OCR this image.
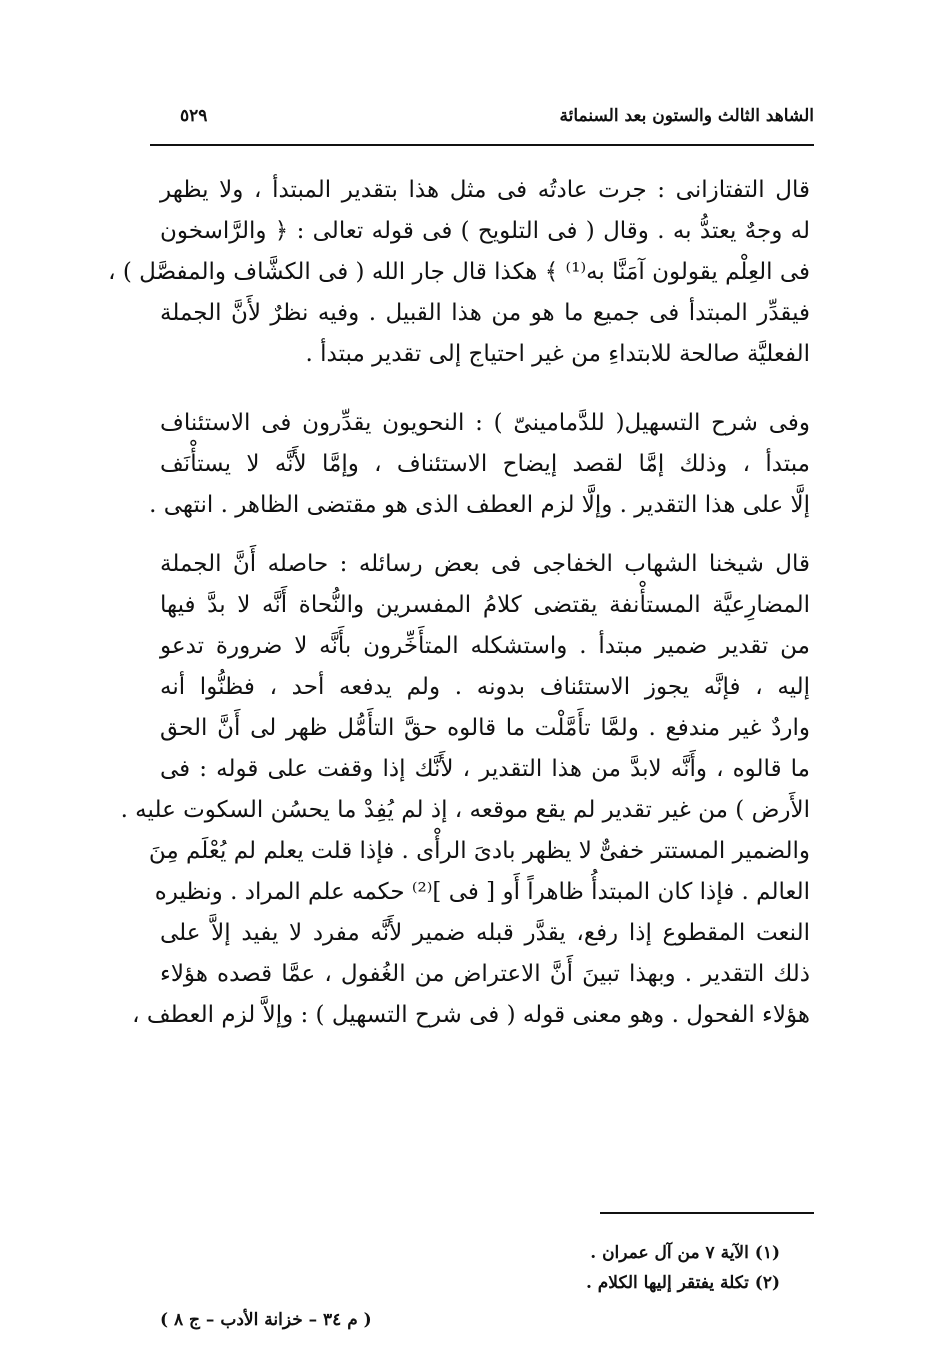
الشاهد الثالث والستون بعد السنمائة
٥٢٩
قال التفتازانى : جرت عادتُه فى مثل هذا بتقدير المبتدأ ، ولا يظهر
له وجهٌ يعتدُّ به . وقال ( فى التلويح ) فى قوله تعالى : ﴿ والرَّاسخون
فى العِلْم يقولون آمَنَّا به⁽¹⁾ ﴾ هكذا قال جار الله ( فى الكشَّاف والمفصَّل ) ،
فيقدِّر المبتدأ فى جميع ما هو من هذا القبيل . وفيه نظرٌ لأَنَّ الجملة
الفعليَّة صالحة للابتداءِ من غير احتياج إلى تقدير مبتدأ .
وفى شرح التسهيل( للدَّمامينىّ ) : النحويون يقدِّرون فى الاستئناف
مبتدأ ، وذلك إمَّا لقصد إيضاح الاستئناف ، وإمَّا لأَنَّه لا يستأْنَف
إلَّا على هذا التقدير . وإلَّا لزم العطف الذى هو مقتضى الظاهر . انتهى .
قال شيخنا الشهاب الخفاجى فى بعض رسائله : حاصله أَنَّ الجملة
المضارِعيَّة المستأْنفة يقتضى كلامُ المفسرين والنُّحاة أَنَّه لا بدَّ فيها
من تقدير ضمير مبتدأ . واستشكله المتأَخِّرون بأَنَّه لا ضرورة تدعو
إليه ، فإنَّه يجوز الاستئناف بدونه . ولم يدفعه أحد ، فظنُّوا أنه
واردٌ غير مندفع . ولمَّا تأَمَّلْت ما قالوه حقَّ التأَمُّل ظهر لى أَنَّ الحق
ما قالوه ، وأَنَّه لابدَّ من هذا التقدير ، لأَنَّك إذا وقفت على قوله : فى
الأَرض ) من غير تقدير لم يقع موقعه ، إذ لم يُفِدْ ما يحسُن السكوت عليه .
والضمير المستتر خفىٌّ لا يظهر بادىَ الرأْى . فإذا قلت يعلم لم يُعْلَم مِنَ
العالم . فإذا كان المبتدأُ ظاهراً أَو [ فى ]⁽²⁾ حكمه علم المراد . ونظيره
النعت المقطوع إذا رفع، يقدَّر قبله ضمير لأَنَّه مفرد لا يفيد إلاَّ على
ذلك التقدير . وبهذا تبينَ أَنَّ الاعتراض من الغُفول ، عمَّا قصده هؤلاء
هؤلاء الفحول . وهو معنى قوله ( فى شرح التسهيل ) : وإلاَّ لزم العطف ،
(١) الآية ٧ من آل عمران .
(٢) تكلة يفتقر إليها الكلام .
( م ٣٤ – خزانة الأدب – ج ٨ )
